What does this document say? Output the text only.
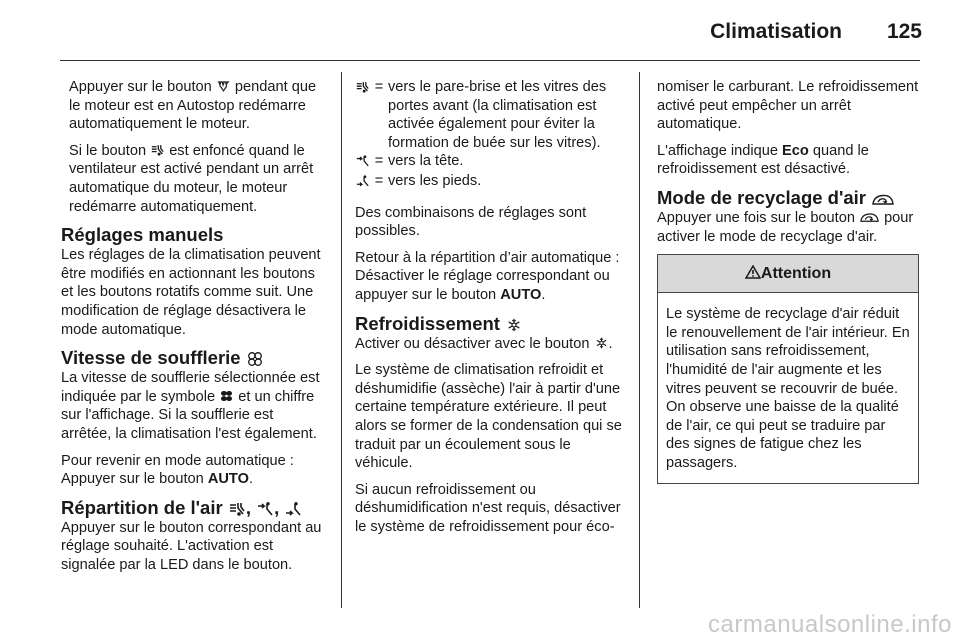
Climatisation 125

Appuyer sur le bouton  pendant que le moteur est en Autostop redémarre automatiquement le moteur.

Si le bouton  est enfoncé quand le ventilateur est activé pendant un arrêt automatique du moteur, le moteur redémarre automatiquement.

Réglages manuels

Les réglages de la climatisation peuvent être modifiés en actionnant les boutons et les boutons rotatifs comme suit. Une modification de réglage désactivera le mode automatique.

Vitesse de soufflerie

La vitesse de soufflerie sélectionnée est indiquée par le symbole  et un chiffre sur l'affichage. Si la soufflerie est arrêtée, la climatisation l'est également.

Pour revenir en mode automatique : Appuyer sur le bouton AUTO.

Répartition de l'air , ,

Appuyer sur le bouton correspondant au réglage souhaité. L'activation est signalée par la LED dans le bouton.

	=	vers le pare-brise et les vitres des portes avant (la climatisation est activée également pour éviter la formation de buée sur les vitres).
	=	vers la tête.
	=	vers les pieds.

Des combinaisons de réglages sont possibles.

Retour à la répartition d’air automatique : Désactiver le réglage correspondant ou appuyer sur le bouton AUTO.

Refroidissement

Activer ou désactiver avec le bouton .

Le système de climatisation refroidit et déshumidifie (assèche) l'air à partir d'une certaine température extérieure. Il peut alors se former de la condensation qui se traduit par un écoulement sous le véhicule.

Si aucun refroidissement ou déshumidification n'est requis, désactiver le système de refroidissement pour éco-

nomiser le carburant. Le refroidissement activé peut empêcher un arrêt automatique.

L'affichage indique Eco quand le refroidissement est désactivé.

Mode de recyclage d'air

Appuyer une fois sur le bouton  pour activer le mode de recyclage d'air.

Attention
Le système de recyclage d'air réduit le renouvellement de l'air intérieur. En utilisation sans refroidissement, l'humidité de l'air augmente et les vitres peuvent se recouvrir de buée. On observe une baisse de la qualité de l'air, ce qui peut se traduire par des signes de fatigue chez les passagers.
carmanualsonline.info
